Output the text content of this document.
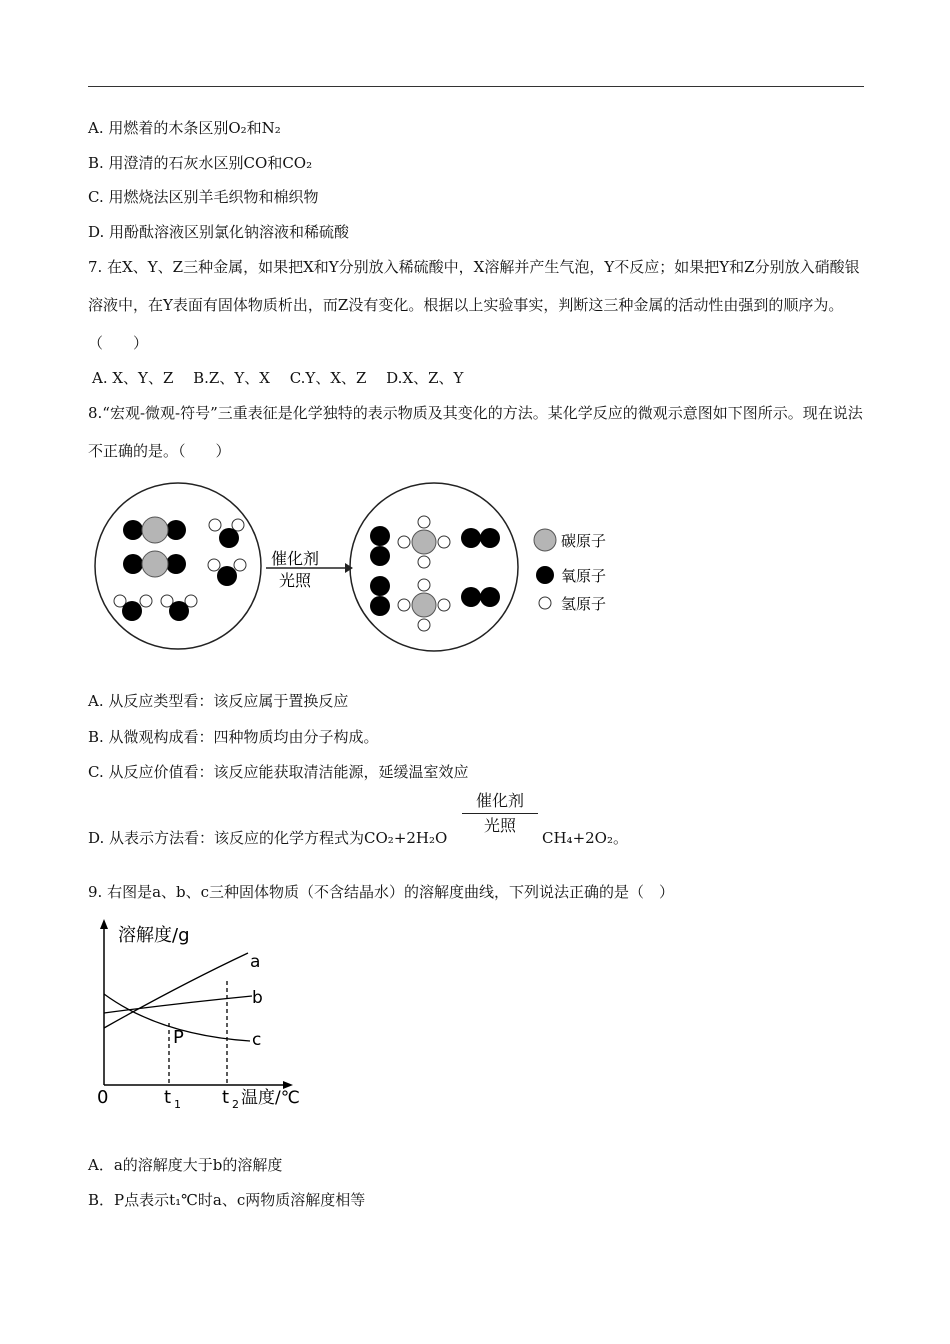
A. 用燃着的木条区别O₂和N₂
B. 用澄清的石灰水区别CO和CO₂
C. 用燃烧法区别羊毛织物和棉织物
D. 用酚酞溶液区别氯化钠溶液和稀硫酸
7. 在X、Y、Z三种金属，如果把X和Y分别放入稀硫酸中，X溶解并产生气泡，Y不反应；如果把Y和Z分别放入硝酸银溶液中，在Y表面有固体物质析出，而Z没有变化。根据以上实验事实，判断这三种金属的活动性由强到的顺序为。（　　）
A. X、Y、Z　 B.Z、Y、X　 C.Y、X、Z　 D.X、Z、Y
8.“宏观-微观-符号”三重表征是化学独特的表示物质及其变化的方法。某化学反应的微观示意图如下图所示。现在说法不正确的是。（　　）
催化剂
光照
碳原子
氧原子
氢原子
A. 从反应类型看：该反应属于置换反应
B. 从微观构成看：四种物质均由分子构成。
C. 从反应价值看：该反应能获取清洁能源，延缓温室效应
D. 从表示方法看：该反应的化学方程式为CO₂+2H₂O
催化剂
光照
CH₄+2O₂。
9. 右图是a、b、c三种固体物质（不含结晶水）的溶解度曲线，下列说法正确的是（　）
溶解度/g
a
b
c
P
0	t 1 t 2 温度/℃
A．a的溶解度大于b的溶解度
B．P点表示t₁℃时a、c两物质溶解度相等
